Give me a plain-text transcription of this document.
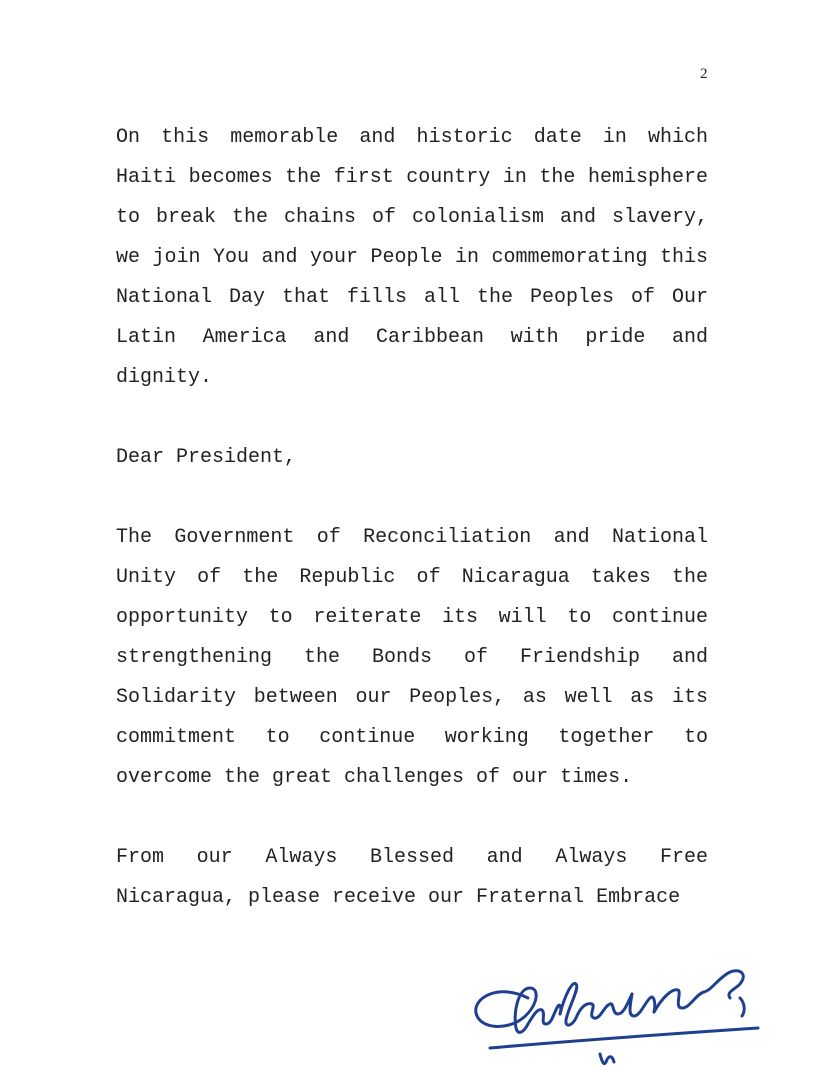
2

On this memorable and historic date in which Haiti becomes the first country in the hemisphere to break the chains of colonialism and slavery, we join You and your People in commemorating this National Day that fills all the Peoples of Our Latin America and Caribbean with pride and dignity.

Dear President,

The Government of Reconciliation and National Unity of the Republic of Nicaragua takes the opportunity to reiterate its will to continue strengthening the Bonds of Friendship and Solidarity between our Peoples, as well as its commitment to continue working together to overcome the great challenges of our times.

From our Always Blessed and Always Free Nicaragua, please receive our Fraternal Embrace
